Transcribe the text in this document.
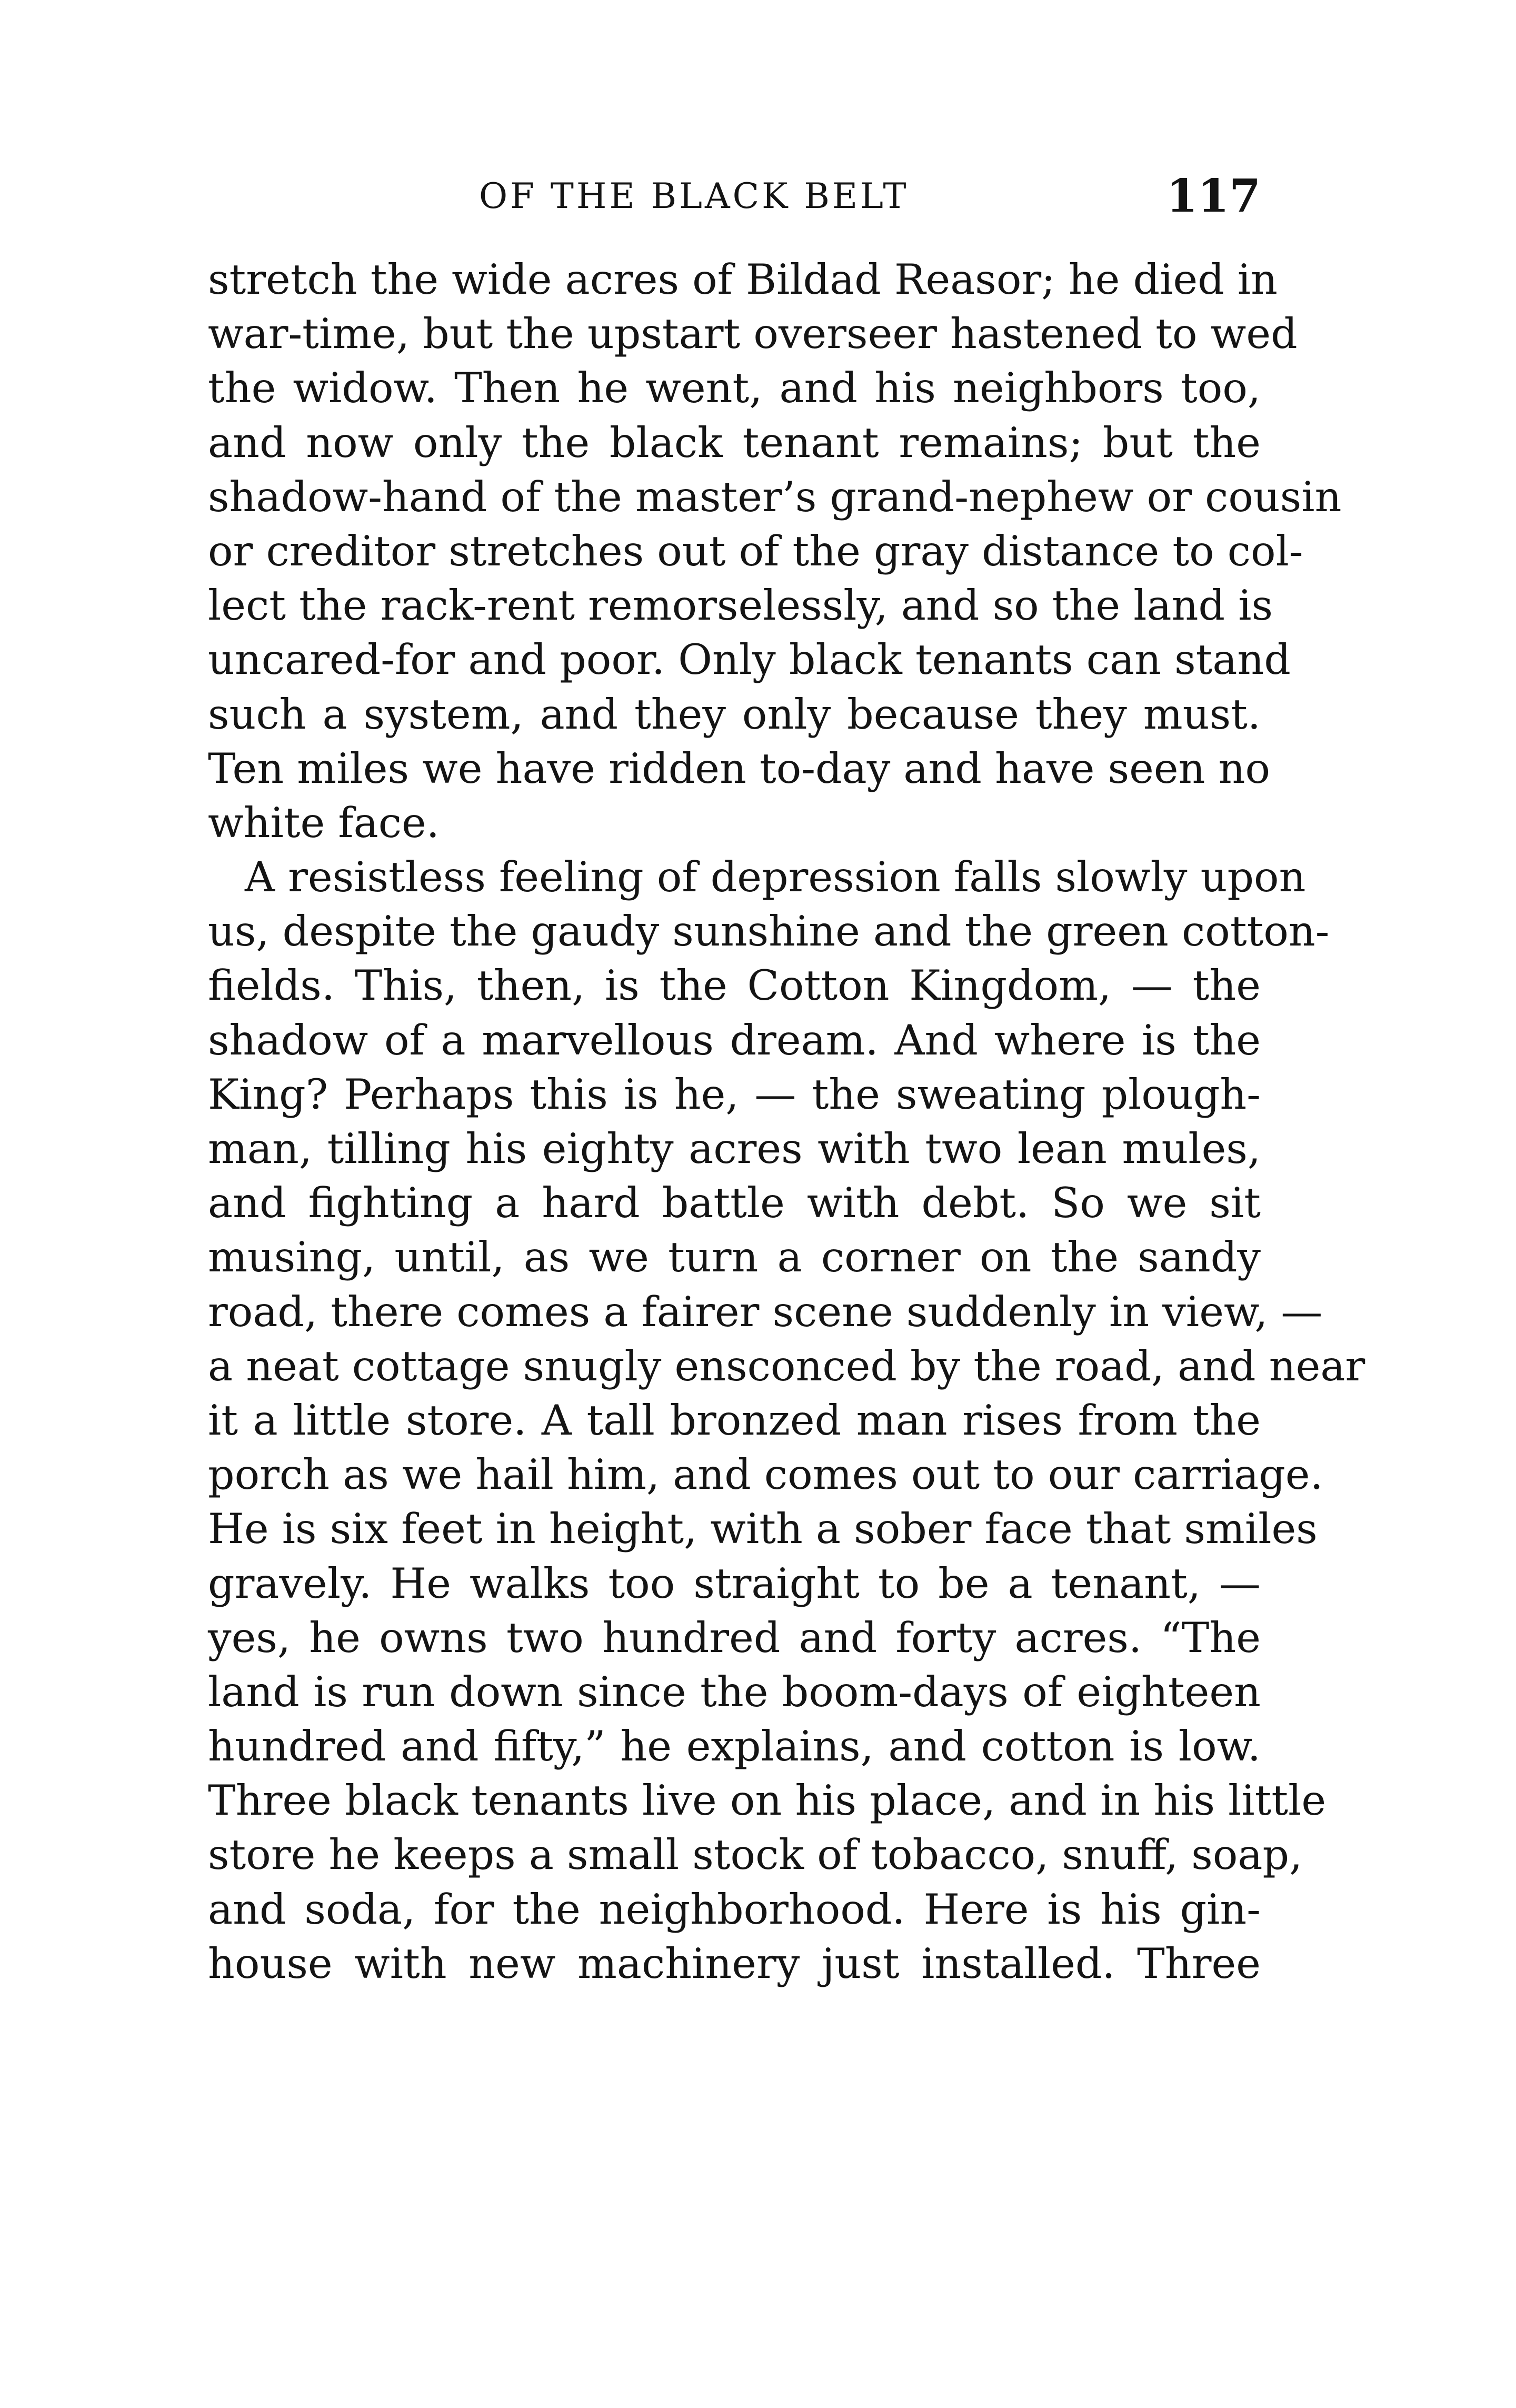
OF THE BLACK BELT	117
stretch the wide acres of Bildad Reasor; he died in
war-time, but the upstart overseer hastened to wed
the widow. Then he went, and his neighbors too,
and now only the black tenant remains; but the
shadow-hand of the master’s grand-nephew or cousin
or creditor stretches out of the gray distance to col-
lect the rack-rent remorselessly, and so the land is
uncared-for and poor. Only black tenants can stand
such a system, and they only because they must.
Ten miles we have ridden to-day and have seen no
white face.
A resistless feeling of depression falls slowly upon
us, despite the gaudy sunshine and the green cotton-
fields. This, then, is the Cotton Kingdom, — the
shadow of a marvellous dream. And where is the
King? Perhaps this is he, — the sweating plough-
man, tilling his eighty acres with two lean mules,
and fighting a hard battle with debt. So we sit
musing, until, as we turn a corner on the sandy
road, there comes a fairer scene suddenly in view, —
a neat cottage snugly ensconced by the road, and near
it a little store. A tall bronzed man rises from the
porch as we hail him, and comes out to our carriage.
He is six feet in height, with a sober face that smiles
gravely. He walks too straight to be a tenant, —
yes, he owns two hundred and forty acres. “The
land is run down since the boom-days of eighteen
hundred and fifty,” he explains, and cotton is low.
Three black tenants live on his place, and in his little
store he keeps a small stock of tobacco, snuff, soap,
and soda, for the neighborhood. Here is his gin-
house with new machinery just installed. Three
